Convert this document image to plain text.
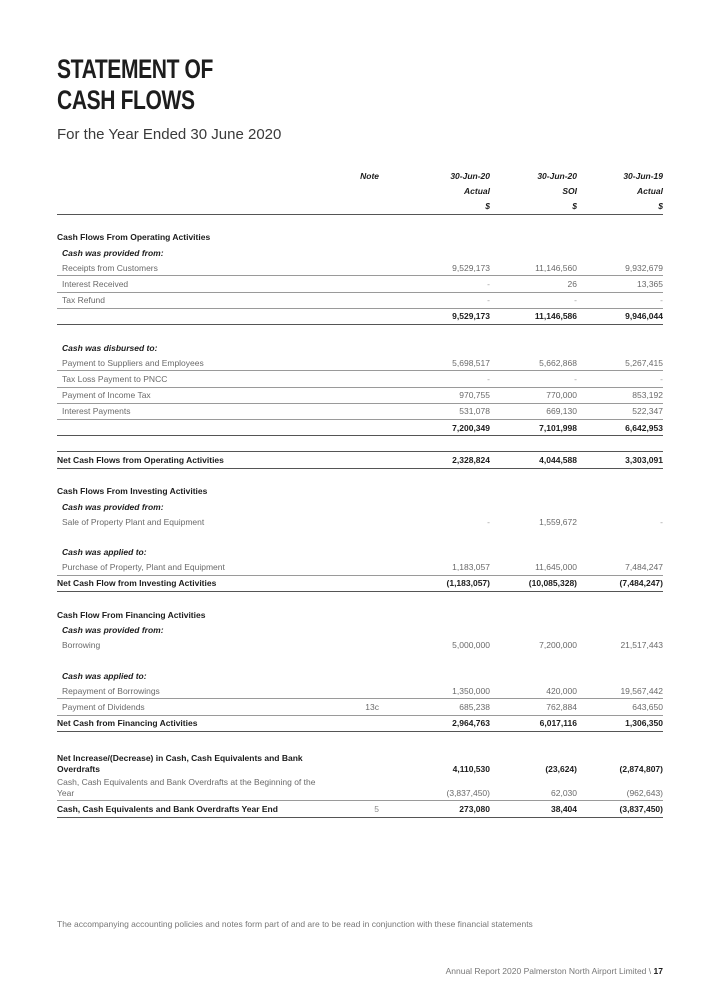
STATEMENT OF
CASH FLOWS

For the Year Ended 30 June 2020

	Note	30-Jun-20	30-Jun-20	30-Jun-19
		Actual	SOI	Actual
		$	$	$

Cash Flows From Operating Activities				
Cash was provided from:				
Receipts from Customers		9,529,173	11,146,560	9,932,679
Interest Received		-	26	13,365
Tax Refund		-	-	-
		9,529,173	11,146,586	9,946,044

Cash was disbursed to:				
Payment to Suppliers and Employees		5,698,517	5,662,868	5,267,415
Tax Loss Payment to PNCC		-	-	-
Payment of Income Tax		970,755	770,000	853,192
Interest Payments		531,078	669,130	522,347
		7,200,349	7,101,998	6,642,953

Net Cash Flows from Operating Activities		2,328,824	4,044,588	3,303,091

Cash Flows From Investing Activities				
Cash was provided from:				
Sale of Property Plant and Equipment		-	1,559,672	-

Cash was applied to:				
Purchase of Property, Plant and Equipment		1,183,057	11,645,000	7,484,247
Net Cash Flow from Investing Activities		(1,183,057)	(10,085,328)	(7,484,247)

Cash Flow From Financing Activities				
Cash was provided from:				
Borrowing		5,000,000	7,200,000	21,517,443

Cash was applied to:				
Repayment of Borrowings		1,350,000	420,000	19,567,442
Payment of Dividends	13c	685,238	762,884	643,650
Net Cash from Financing Activities		2,964,763	6,017,116	1,306,350

Net Increase/(Decrease) in Cash, Cash Equivalents and Bank Overdrafts		4,110,530	(23,624)	(2,874,807)
Cash, Cash Equivalents and Bank Overdrafts at the Beginning of the Year		(3,837,450)	62,030	(962,643)
Cash, Cash Equivalents and Bank Overdrafts Year End	5	273,080	38,404	(3,837,450)

The accompanying accounting policies and notes form part of and are to be read in conjunction with these financial statements

Annual Report 2020 Palmerston North Airport Limited \ 17
